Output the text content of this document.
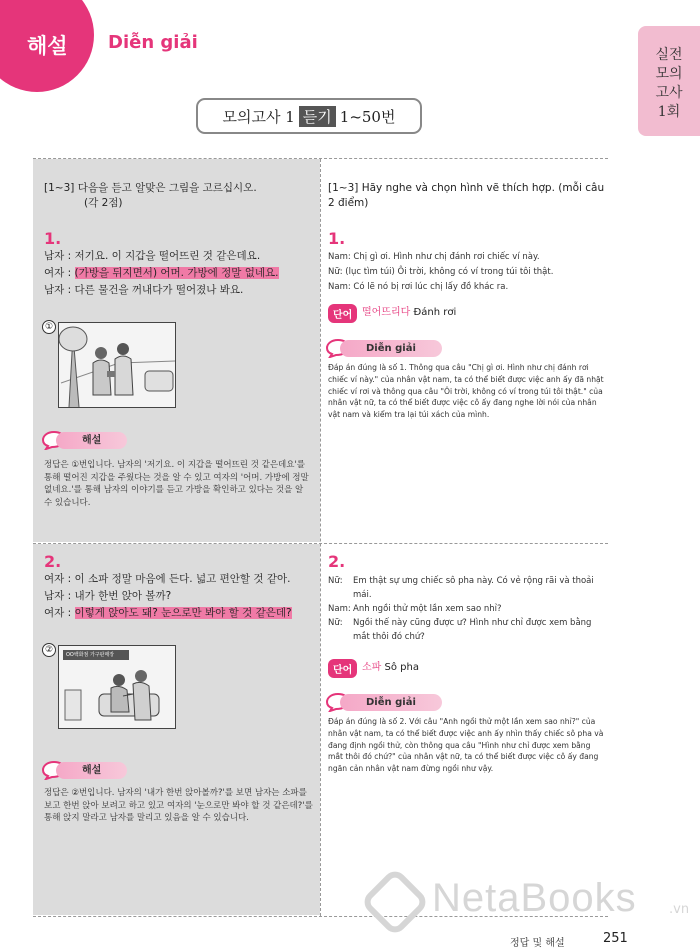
해설 Diễn giải
실전
모의
고사
1회
모의고사 1 듣기 1~50번
[1~3] 다음을 듣고 알맞은 그림을 고르십시오.
(각 2점)
[1~3] Hãy nghe và chọn hình vẽ thích hợp. (mỗi câu 2 điểm)
1.
남자 : 저기요. 이 지갑을 떨어뜨린 것 같은데요.
여자 : (가방을 뒤지면서) 어머. 가방에 정말 없네요.
남자 : 다른 물건을 꺼내다가 떨어졌나 봐요.
①
해설
정답은 ①번입니다. 남자의 '저기요. 이 지갑을 떨어뜨린 것 같은데요'를 통해 떨어진 지갑을 주웠다는 것을 알 수 있고 여자의 '어머. 가방에 정말 없네요.'를 통해 남자의 이야기를 듣고 가방을 확인하고 있다는 것을 알 수 있습니다.
1.
Nam: Chị gì ơi. Hình như chị đánh rơi chiếc ví này.
Nữ: (lục tìm túi) Ôi trời, không có ví trong túi tôi thật.
Nam: Có lẽ nó bị rơi lúc chị lấy đồ khác ra.
단어 떨어뜨리다 Đánh rơi
Diễn giải
Đáp án đúng là số 1. Thông qua câu "Chị gì ơi. Hình như chị đánh rơi chiếc ví này." của nhân vật nam, ta có thể biết được việc anh ấy đã nhặt chiếc ví rơi và thông qua câu "Ôi trời, không có ví trong túi tôi thật." của nhân vật nữ, ta có thể biết được việc cô ấy đang nghe lời nói của nhân vật nam và kiểm tra lại túi xách của mình.
2.
여자 : 이 소파 정말 마음에 든다. 넓고 편안할 것 같아.
남자 : 내가 한번 앉아 볼까?
여자 : 이렇게 앉아도 돼? 눈으로만 봐야 할 것 같은데?
②	OO백화점 가구판매장
해설
정답은 ②번입니다. 남자의 '내가 한번 앉아볼까?'를 보면 남자는 소파를 보고 한번 앉아 보려고 하고 있고 여자의 '눈으로만 봐야 할 것 같은데?'를 통해 앉지 말라고 남자를 말리고 있음을 알 수 있습니다.
2.
Nữ:	Em thật sự ưng chiếc sô pha này. Có vẻ rộng rãi và thoải mái.
Nam: Anh ngồi thử một lần xem sao nhỉ?
Nữ:	Ngồi thế này cũng được ư? Hình như chỉ được xem bằng mắt thôi đó chứ?
단어 소파 Sô pha
Diễn giải
Đáp án đúng là số 2. Với câu "Anh ngồi thử một lần xem sao nhỉ?" của nhân vật nam, ta có thể biết được việc anh ấy nhìn thấy chiếc sô pha và đang định ngồi thử, còn thông qua câu "Hình như chỉ được xem bằng mắt thôi đó chứ?" của nhân vật nữ, ta có thể biết được việc cô ấy đang ngăn cản nhân vật nam đừng ngồi như vậy.
NetaBooks .vn
정답 및 해설	251
